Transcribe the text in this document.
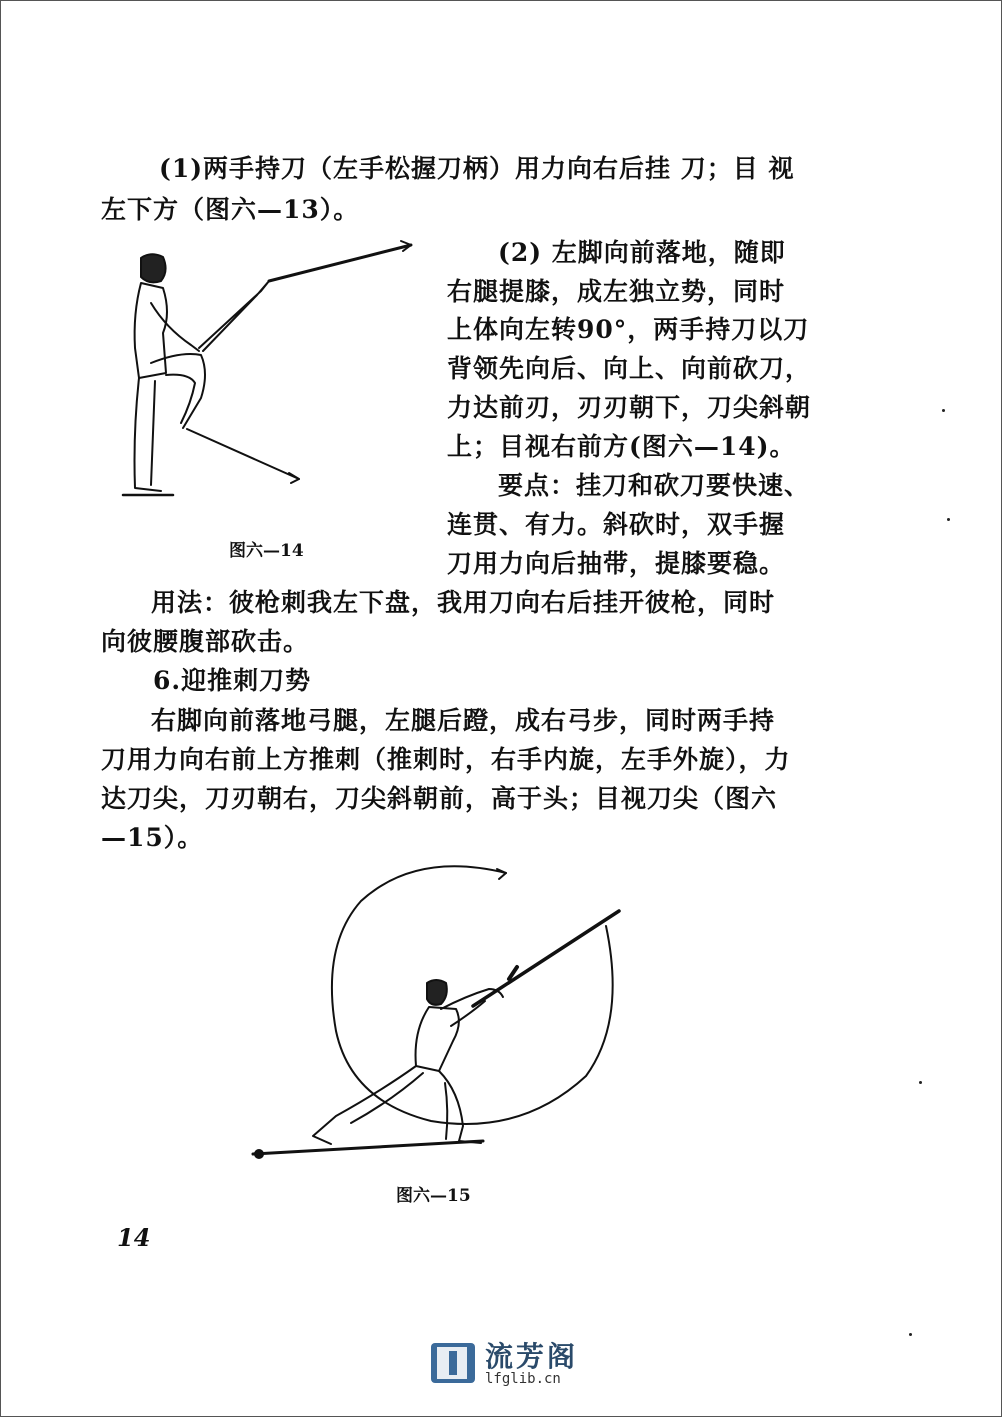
(1)两手持刀（左手松握刀柄）用力向右后挂 刀；目 视
左下方（图六—13）。
图六—14
(2) 左脚向前落地，随即
右腿提膝，成左独立势，同时
上体向左转90°，两手持刀以刀
背领先向后、向上、向前砍刀，
力达前刃，刃刃朝下，刀尖斜朝
上；目视右前方(图六—14)。
要点：挂刀和砍刀要快速、
连贯、有力。斜砍时，双手握
刀用力向后抽带，提膝要稳。
用法：彼枪刺我左下盘，我用刀向右后挂开彼枪，同时
向彼腰腹部砍击。
6.迎推刺刀势
右脚向前落地弓腿，左腿后蹬，成右弓步，同时两手持
刀用力向右前上方推刺（推刺时，右手内旋，左手外旋），力
达刀尖，刀刃朝右，刀尖斜朝前，高于头；目视刀尖（图六
—15）。
图六—15
14
流芳阁
lfglib.cn
